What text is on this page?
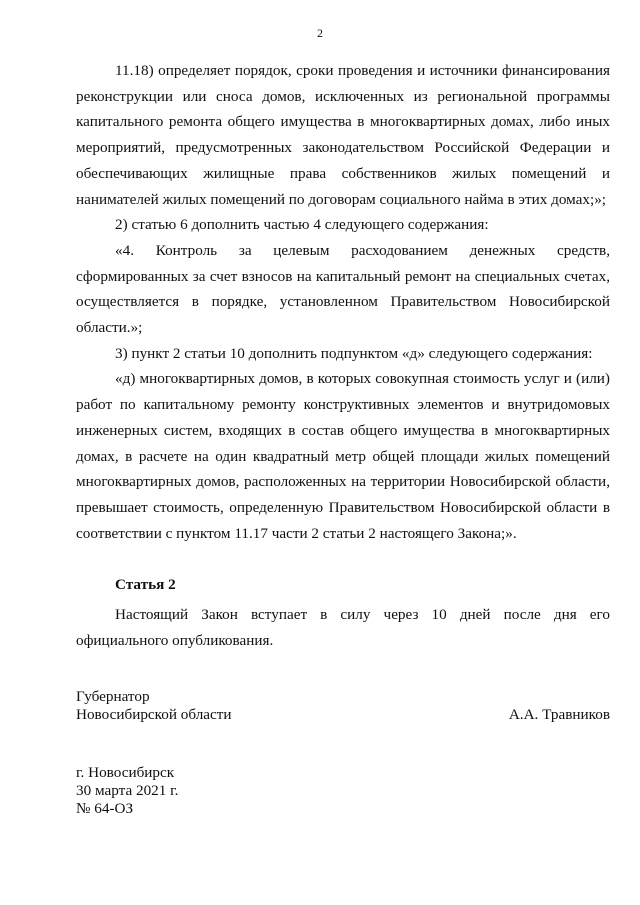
2

11.18) определяет порядок, сроки проведения и источники финансирования реконструкции или сноса домов, исключенных из региональной программы капитального ремонта общего имущества в многоквартирных домах, либо иных мероприятий, предусмотренных законодательством Российской Федерации и обеспечивающих жилищные права собственников жилых помещений и нанимателей жилых помещений по договорам социального найма в этих домах;»;

2) статью 6 дополнить частью 4 следующего содержания:

«4. Контроль за целевым расходованием денежных средств, сформированных за счет взносов на капитальный ремонт на специальных счетах, осуществляется в порядке, установленном Правительством Новосибирской области.»;

3) пункт 2 статьи 10 дополнить подпунктом «д» следующего содержания:

«д) многоквартирных домов, в которых совокупная стоимость услуг и (или) работ по капитальному ремонту конструктивных элементов и внутридомовых инженерных систем, входящих в состав общего имущества в многоквартирных домах, в расчете на один квадратный метр общей площади жилых помещений многоквартирных домов, расположенных на территории Новосибирской области, превышает стоимость, определенную Правительством Новосибирской области в соответствии с пунктом 11.17 части 2 статьи 2 настоящего Закона;».

Статья 2

Настоящий Закон вступает в силу через 10 дней после дня его официального опубликования.

Губернатор
Новосибирской области	А.А. Травников
г. Новосибирск
30 марта 2021 г.
№ 64-ОЗ
